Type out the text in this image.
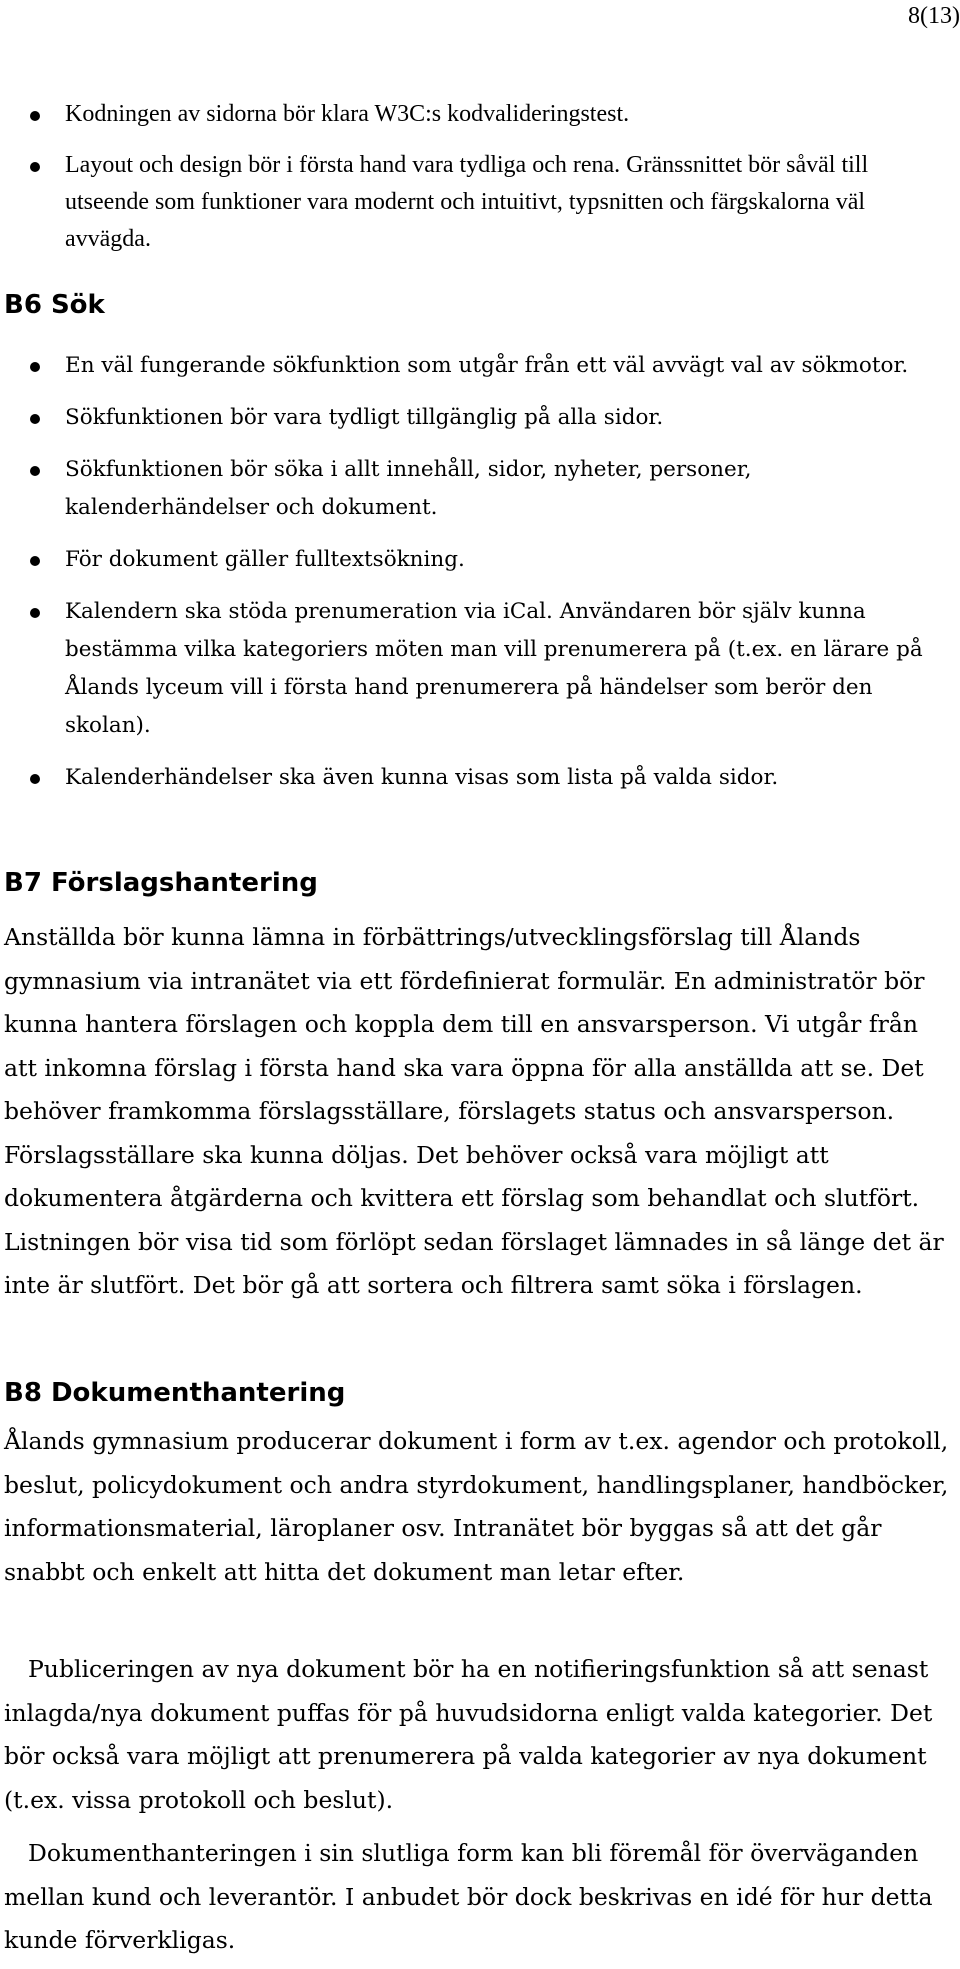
8(13)
Kodningen av sidorna bör klara W3C:s kodvalideringstest.
Layout och design bör i första hand vara tydliga och rena. Gränssnittet bör såväl till utseende som funktioner vara modernt och intuitivt, typsnitten och färgskalorna väl avvägda.
B6 Sök
En väl fungerande sökfunktion som utgår från ett väl avvägt val av sökmotor.
Sökfunktionen bör vara tydligt tillgänglig på alla sidor.
Sökfunktionen bör söka i allt innehåll, sidor, nyheter, personer, kalenderhändelser och dokument.
För dokument gäller fulltextsökning.
Kalendern ska stöda prenumeration via iCal. Användaren bör själv kunna bestämma vilka kategoriers möten man vill prenumerera på (t.ex. en lärare på Ålands lyceum vill i första hand prenumerera på händelser som berör den skolan).
Kalenderhändelser ska även kunna visas som lista på valda sidor.
B7 Förslagshantering
Anställda bör kunna lämna in förbättrings/utvecklingsförslag till Ålands gymnasium via intranätet via ett fördefinierat formulär. En administratör bör kunna hantera förslagen och koppla dem till en ansvarsperson. Vi utgår från att inkomna förslag i första hand ska vara öppna för alla anställda att se. Det behöver framkomma förslagsställare, förslagets status och ansvarsperson. Förslagsställare ska kunna döljas. Det behöver också vara möjligt att dokumentera åtgärderna och kvittera ett förslag som behandlat och slutfört. Listningen bör visa tid som förlöpt sedan förslaget lämnades in så länge det är inte är slutfört. Det bör gå att sortera och filtrera samt söka i förslagen.
B8 Dokumenthantering
Ålands gymnasium producerar dokument i form av t.ex. agendor och protokoll, beslut, policydokument och andra styrdokument, handlingsplaner, handböcker, informationsmaterial, läroplaner osv. Intranätet bör byggas så att det går snabbt och enkelt att hitta det dokument man letar efter.
Publiceringen av nya dokument bör ha en notifieringsfunktion så att senast inlagda/nya dokument puffas för på huvudsidorna enligt valda kategorier. Det bör också vara möjligt att prenumerera på valda kategorier av nya dokument (t.ex. vissa protokoll och beslut).
Dokumenthanteringen i sin slutliga form kan bli föremål för överväganden mellan kund och leverantör. I anbudet bör dock beskrivas en idé för hur detta kunde förverkligas.
